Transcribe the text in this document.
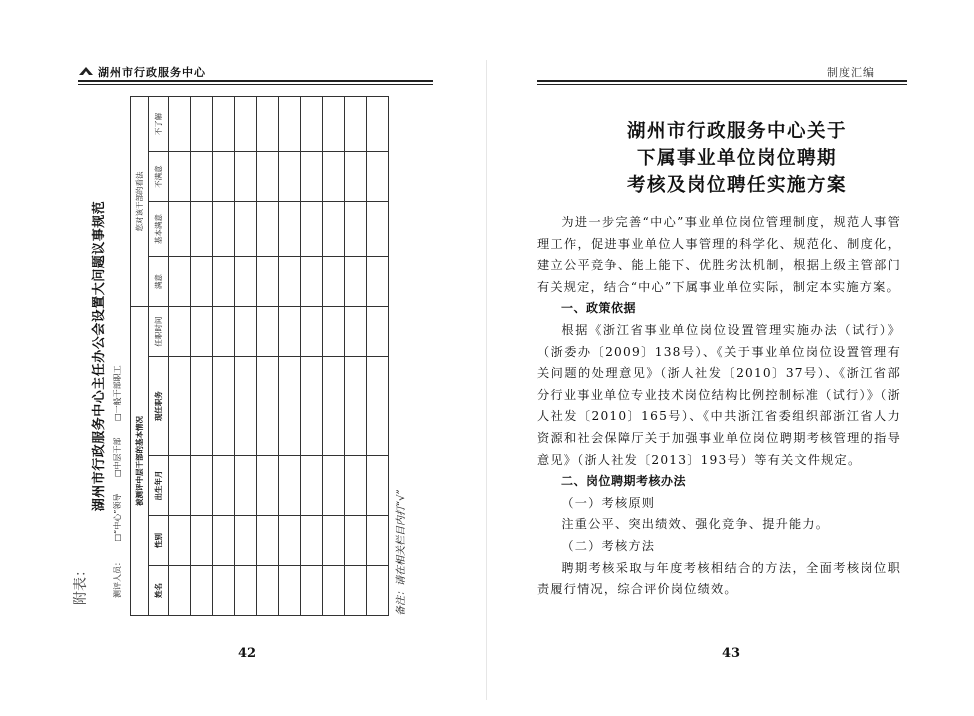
湖州市行政服务中心
附表：
湖州市行政服务中心主任办公会设置大问题议事规范
测评人员： □“中心”领导 □中层干部 □一般干部职工
被测评中层干部的基本情况					您对该干部的看法			
姓名	性别	出生年月	现任职务	任职时间	满意	基本满意	不满意	不了解

备注：请在相关栏目内打“√”
42
制度汇编
湖州市行政服务中心关于
下属事业单位岗位聘期
考核及岗位聘任实施方案

为进一步完善“中心”事业单位岗位管理制度，规范人事管理工作，促进事业单位人事管理的科学化、规范化、制度化，建立公平竞争、能上能下、优胜劣汰机制，根据上级主管部门有关规定，结合“中心”下属事业单位实际，制定本实施方案。

一、政策依据

根据《浙江省事业单位岗位设置管理实施办法（试行）》（浙委办〔2009〕138号）、《关于事业单位岗位设置管理有关问题的处理意见》（浙人社发〔2010〕37号）、《浙江省部分行业事业单位专业技术岗位结构比例控制标准（试行）》（浙人社发〔2010〕165号）、《中共浙江省委组织部浙江省人力资源和社会保障厅关于加强事业单位岗位聘期考核管理的指导意见》（浙人社发〔2013〕193号）等有关文件规定。

二、岗位聘期考核办法

（一）考核原则

注重公平、突出绩效、强化竞争、提升能力。

（二）考核方法

聘期考核采取与年度考核相结合的方法，全面考核岗位职责履行情况，综合评价岗位绩效。

43
